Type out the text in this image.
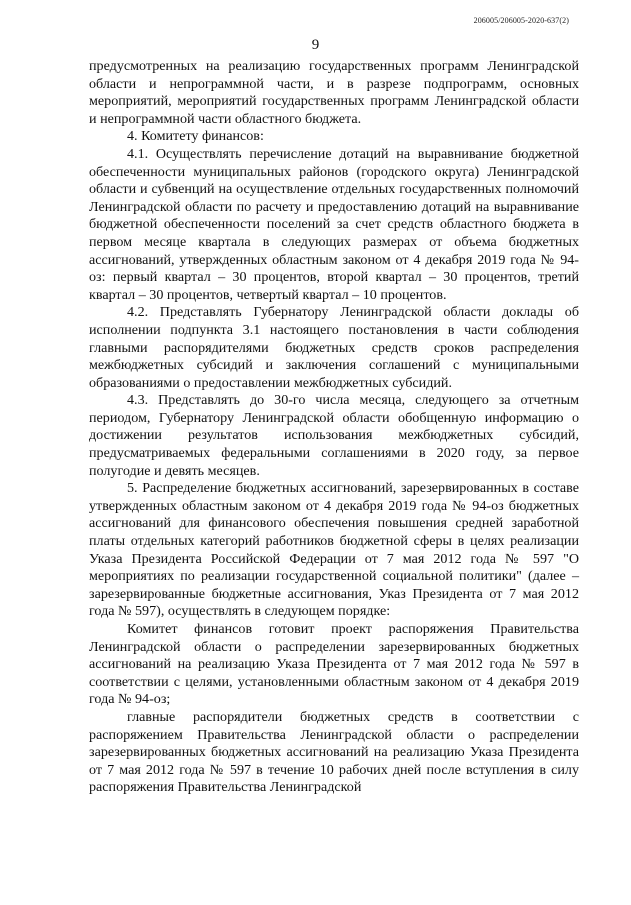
206005/206005-2020-637(2)
9

предусмотренных на реализацию государственных программ Ленинградской области и непрограммной части, и в разрезе подпрограмм, основных мероприятий, мероприятий государственных программ Ленинградской области и непрограммной части областного бюджета.

4. Комитету финансов:

4.1. Осуществлять перечисление дотаций на выравнивание бюджетной обеспеченности муниципальных районов (городского округа) Ленинградской области и субвенций на осуществление отдельных государственных полномочий Ленинградской области по расчету и предоставлению дотаций на выравнивание бюджетной обеспеченности поселений за счет средств областного бюджета в первом месяце квартала в следующих размерах от объема бюджетных ассигнований, утвержденных областным законом от 4 декабря 2019 года № 94-оз: первый квартал – 30 процентов, второй квартал – 30 процентов, третий квартал – 30 процентов, четвертый квартал – 10 процентов.

4.2. Представлять Губернатору Ленинградской области доклады об исполнении подпункта 3.1 настоящего постановления в части соблюдения главными распорядителями бюджетных средств сроков распределения межбюджетных субсидий и заключения соглашений с муниципальными образованиями о предоставлении межбюджетных субсидий.

4.3. Представлять до 30-го числа месяца, следующего за отчетным периодом, Губернатору Ленинградской области обобщенную информацию о достижении результатов использования межбюджетных субсидий, предусматриваемых федеральными соглашениями в 2020 году, за первое полугодие и девять месяцев.

5. Распределение бюджетных ассигнований, зарезервированных в составе утвержденных областным законом от 4 декабря 2019 года № 94-оз бюджетных ассигнований для финансового обеспечения повышения средней заработной платы отдельных категорий работников бюджетной сферы в целях реализации Указа Президента Российской Федерации от 7 мая 2012 года № 597 "О мероприятиях по реализации государственной социальной политики" (далее – зарезервированные бюджетные ассигнования, Указ Президента от 7 мая 2012 года № 597), осуществлять в следующем порядке:

Комитет финансов готовит проект распоряжения Правительства Ленинградской области о распределении зарезервированных бюджетных ассигнований на реализацию Указа Президента от 7 мая 2012 года № 597 в соответствии с целями, установленными областным законом от 4 декабря 2019 года № 94-оз;

главные распорядители бюджетных средств в соответствии с распоряжением Правительства Ленинградской области о распределении зарезервированных бюджетных ассигнований на реализацию Указа Президента от 7 мая 2012 года № 597 в течение 10 рабочих дней после вступления в силу распоряжения Правительства Ленинградской
